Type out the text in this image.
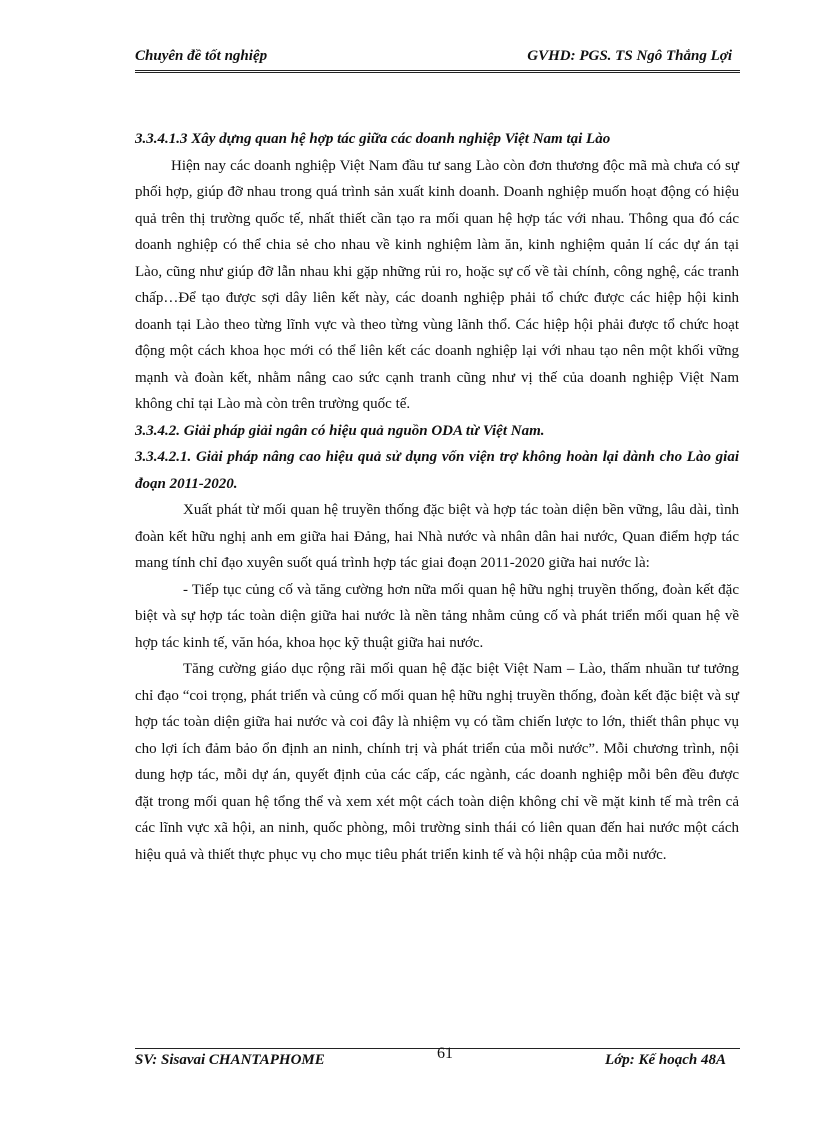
Chuyên đề tốt nghiệp	GVHD: PGS. TS Ngô Thắng Lợi

3.3.4.1.3 Xây dựng quan hệ hợp tác giữa các doanh nghiệp Việt Nam tại Lào

Hiện nay các doanh nghiệp Việt Nam đầu tư sang Lào còn đơn thương độc mã mà chưa có sự phối hợp, giúp đỡ nhau trong quá trình sản xuất kinh doanh. Doanh nghiệp muốn hoạt động có hiệu quả trên thị trường quốc tế, nhất thiết cần tạo ra mối quan hệ hợp tác với nhau. Thông qua đó các doanh nghiệp có thể chia sẻ cho nhau về kinh nghiệm làm ăn, kinh nghiệm quản lí các dự án tại Lào, cũng như giúp đỡ lẫn nhau khi gặp những rủi ro, hoặc sự cố về tài chính, công nghệ, các tranh chấp…Để tạo được sợi dây liên kết này, các doanh nghiệp phải tổ chức được các hiệp hội kinh doanh tại Lào theo từng lĩnh vực và theo từng vùng lãnh thổ. Các hiệp hội phải được tổ chức hoạt động một cách khoa học mới có thể liên kết các doanh nghiệp lại với nhau tạo nên một khối vững mạnh và đoàn kết, nhằm nâng cao sức cạnh tranh cũng như vị thế của doanh nghiệp Việt Nam không chỉ tại Lào mà còn trên trường quốc tế.

3.3.4.2. Giải pháp giải ngân có hiệu quả nguồn ODA từ Việt Nam.

3.3.4.2.1. Giải pháp nâng cao hiệu quả sử dụng vốn viện trợ không hoàn lại dành cho Lào giai đoạn 2011-2020.

Xuất phát từ mối quan hệ truyền thống đặc biệt và hợp tác toàn diện bền vững, lâu dài, tình đoàn kết hữu nghị anh em giữa hai Đảng, hai Nhà nước và nhân dân hai nước, Quan điểm hợp tác mang tính chỉ đạo xuyên suốt quá trình hợp tác giai đoạn 2011-2020 giữa hai nước là:

- Tiếp tục củng cố và tăng cường hơn nữa mối quan hệ hữu nghị truyền thống, đoàn kết đặc biệt và sự hợp tác toàn diện giữa hai nước là nền tảng nhằm củng cố và phát triển mối quan hệ về hợp tác kinh tế, văn hóa, khoa học kỹ thuật giữa hai nước.

Tăng cường giáo dục rộng rãi mối quan hệ đặc biệt Việt Nam – Lào, thấm nhuần tư tưởng chỉ đạo “coi trọng, phát triển và củng cố mối quan hệ hữu nghị truyền thống, đoàn kết đặc biệt và sự hợp tác toàn diện giữa hai nước và coi đây là nhiệm vụ có tầm chiến lược to lớn, thiết thân phục vụ cho lợi ích đảm bảo ổn định an ninh, chính trị và phát triển của mỗi nước”. Mỗi chương trình, nội dung hợp tác, mỗi dự án, quyết định của các cấp, các ngành, các doanh nghiệp mỗi bên đều được đặt trong mối quan hệ tổng thể và xem xét một cách toàn diện không chỉ về mặt kinh tế mà trên cả các lĩnh vực xã hội, an ninh, quốc phòng, môi trường sinh thái có liên quan đến hai nước một cách hiệu quả và thiết thực phục vụ cho mục tiêu phát triển kinh tế và hội nhập của mỗi nước.

SV: Sisavai CHANTAPHOME	61	Lớp: Kế hoạch 48A
